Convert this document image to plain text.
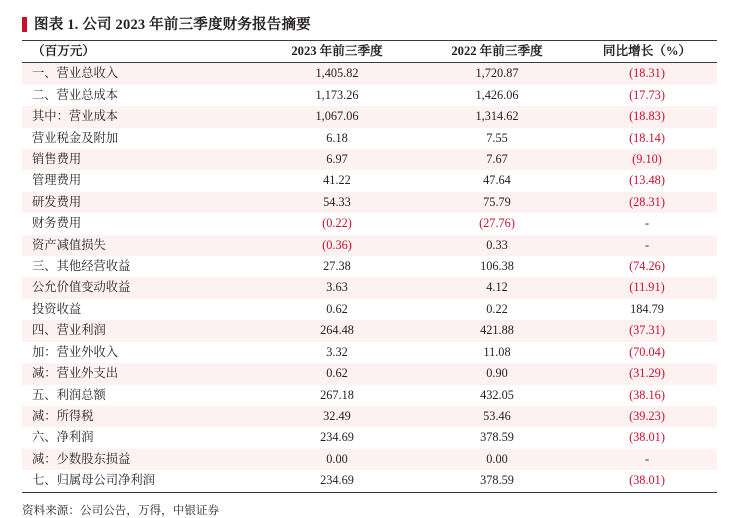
图表 1. 公司 2023 年前三季度财务报告摘要
（百万元）	2023 年前三季度	2022 年前三季度	同比增长（%）
一、营业总收入	1,405.82	1,720.87	(18.31)
二、营业总成本	1,173.26	1,426.06	(17.73)
其中：营业成本	1,067.06	1,314.62	(18.83)
营业税金及附加	6.18	7.55	(18.14)
销售费用	6.97	7.67	(9.10)
管理费用	41.22	47.64	(13.48)
研发费用	54.33	75.79	(28.31)
财务费用	(0.22)	(27.76)	-
资产减值损失	(0.36)	0.33	-
三、其他经营收益	27.38	106.38	(74.26)
公允价值变动收益	3.63	4.12	(11.91)
投资收益	0.62	0.22	184.79
四、营业利润	264.48	421.88	(37.31)
加：营业外收入	3.32	11.08	(70.04)
减：营业外支出	0.62	0.90	(31.29)
五、利润总额	267.18	432.05	(38.16)
减：所得税	32.49	53.46	(39.23)
六、净利润	234.69	378.59	(38.01)
减：少数股东损益	0.00	0.00	-
七、归属母公司净利润	234.69	378.59	(38.01)
资料来源：公司公告，万得，中银证券
